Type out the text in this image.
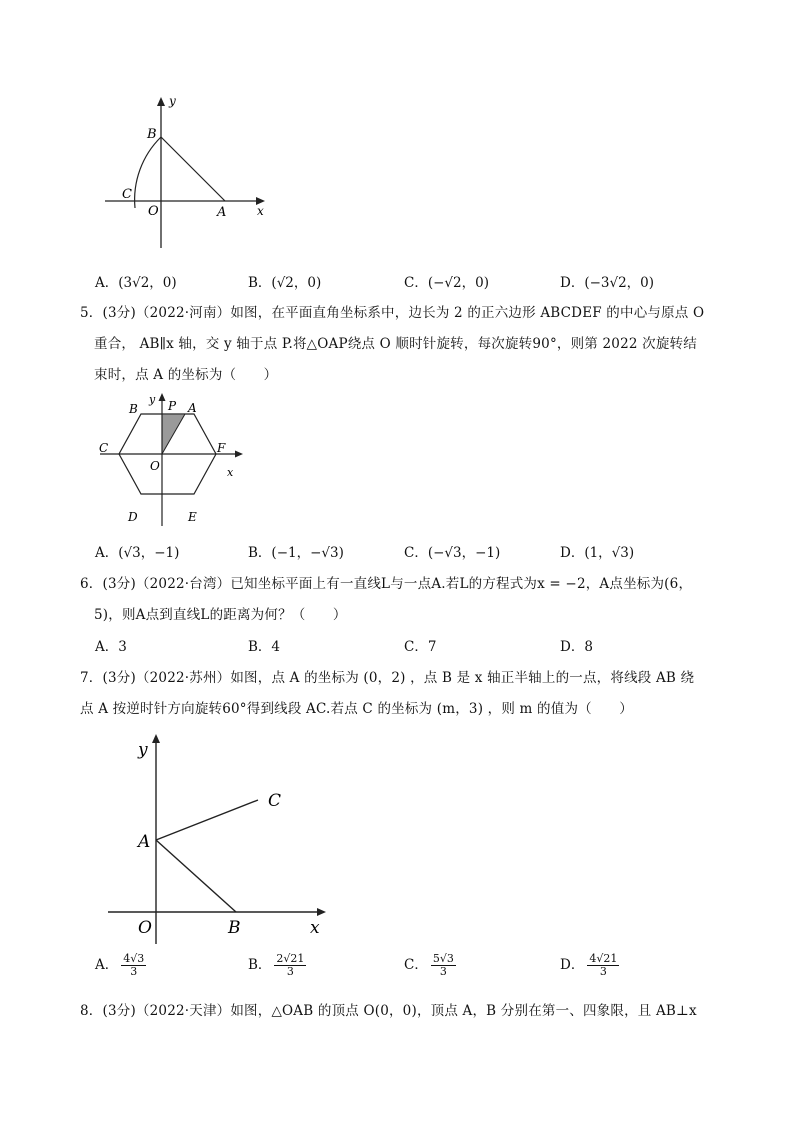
y
B
C
O	A	x
A．(3√2，0)	B．(√2，0)	C．(−√2，0)	D．(−3√2，0)
5．(3分)（2022·河南）如图，在平面直角坐标系中，边长为 2 的正六边形 ABCDEF 的中心与原点 O
重合， AB∥x 轴，交 y 轴于点 P.将△OAP绕点 O 顺时针旋转，每次旋转90°，则第 2022 次旋转结
束时，点 A 的坐标为（　　）
y P A
B
C
O
F
x
D	E
A．(√3，−1)	B．(−1，−√3)	C．(−√3，−1)	D．(1，√3)
6．(3分)（2022·台湾）已知坐标平面上有一直线L与一点A.若L的方程式为x = −2，A点坐标为(6，
5)，则A点到直线L的距离为何？（　　）
A．3	B．4	C．7	D．8
7．(3分)（2022·苏州）如图，点 A 的坐标为 (0，2) ，点 B 是 x 轴正半轴上的一点，将线段 AB 绕
点 A 按逆时针方向旋转60°得到线段 AC.若点 C 的坐标为 (m，3) ，则 m 的值为（　　）
y
C
A
O	B	x
A． $\frac{4√3}{3}$	B． $\frac{2√21}{3}$	C． $\frac{5√3}{3}$	D． $\frac{4√21}{3}$
8．(3分)（2022·天津）如图，△OAB 的顶点 O(0，0)，顶点 A，B 分别在第一、四象限，且 AB⊥x
